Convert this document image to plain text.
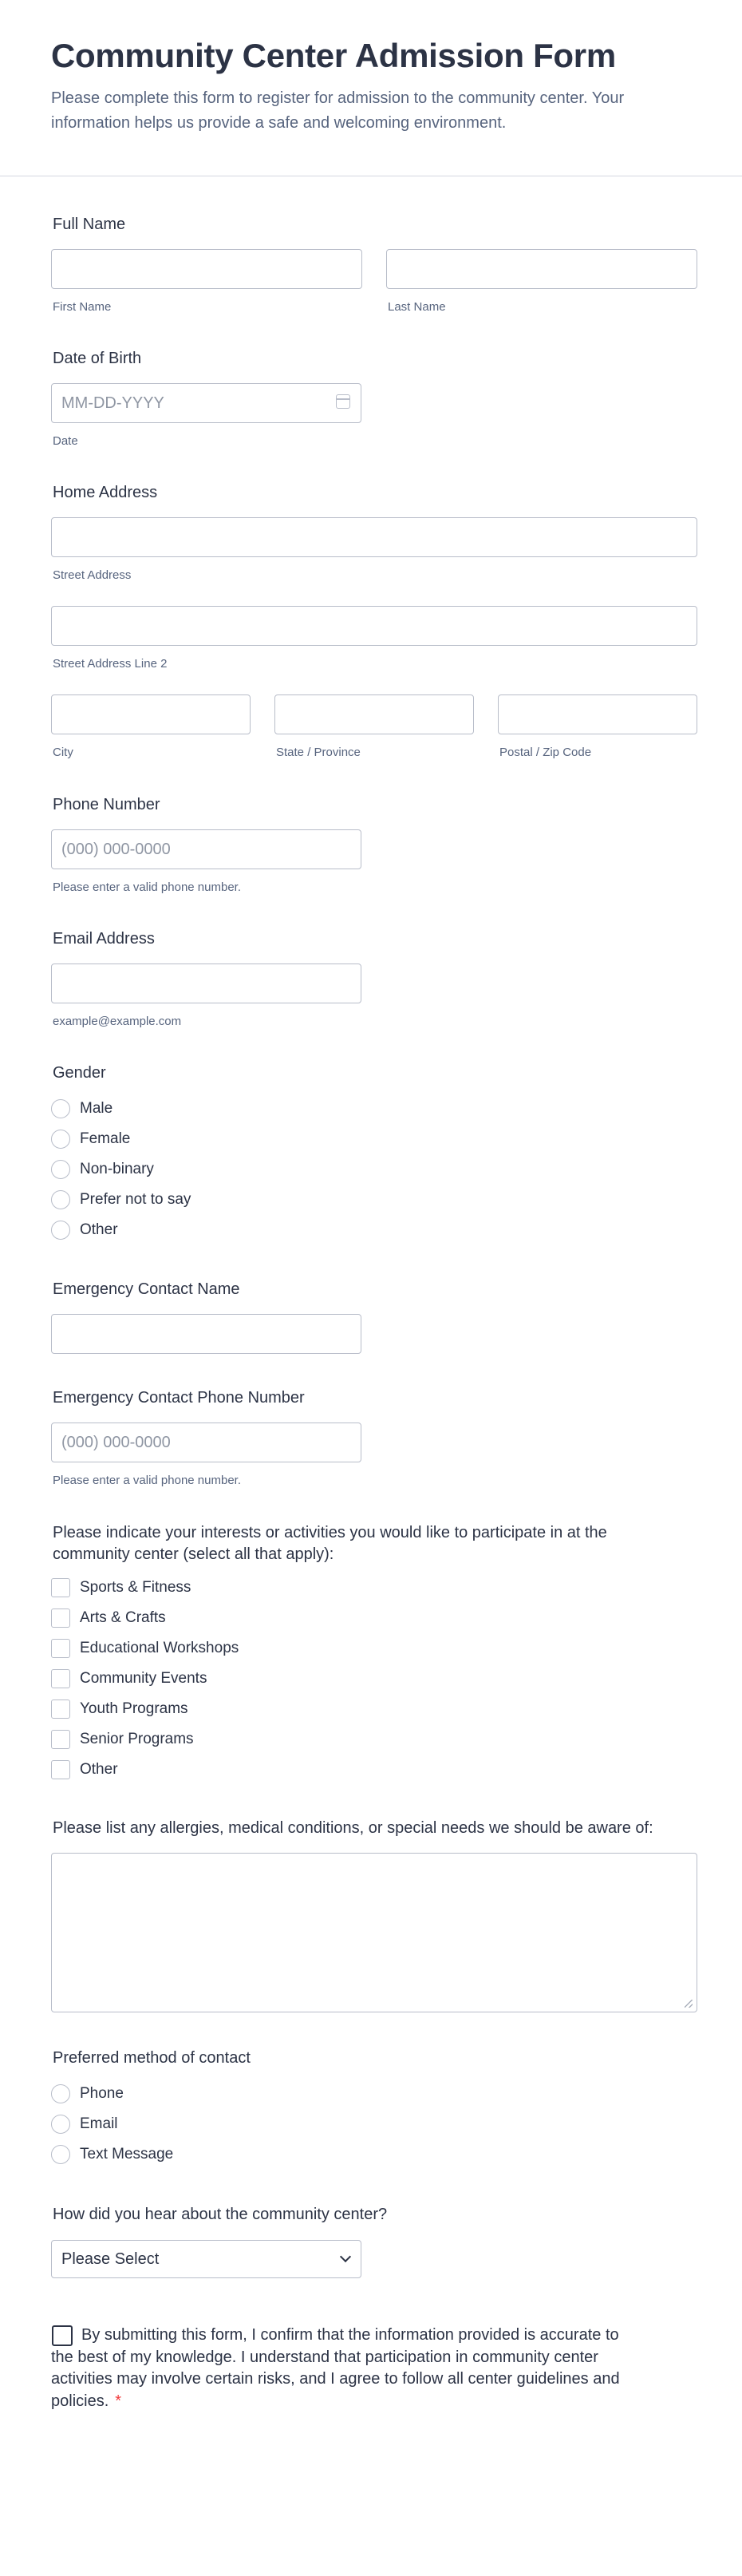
Community Center Admission Form

Please complete this form to register for admission to the community center. Your information helps us provide a safe and welcoming environment.

Full Name
First Name	Last Name
Date of Birth
MM-DD-YYYY
Date
Home Address
Street Address
Street Address Line 2
City	State / Province	Postal / Zip Code
Phone Number
(000) 000-0000
Please enter a valid phone number.
Email Address
example@example.com
Gender
Male
Female
Non-binary
Prefer not to say
Other
Emergency Contact Name
Emergency Contact Phone Number
(000) 000-0000
Please enter a valid phone number.
Please indicate your interests or activities you would like to participate in at the community center (select all that apply):
Sports & Fitness
Arts & Crafts
Educational Workshops
Community Events
Youth Programs
Senior Programs
Other
Please list any allergies, medical conditions, or special needs we should be aware of:
Preferred method of contact
Phone
Email
Text Message
How did you hear about the community center?
Please Select
By submitting this form, I confirm that the information provided is accurate to the best of my knowledge. I understand that participation in community center activities may involve certain risks, and I agree to follow all center guidelines and policies. *
